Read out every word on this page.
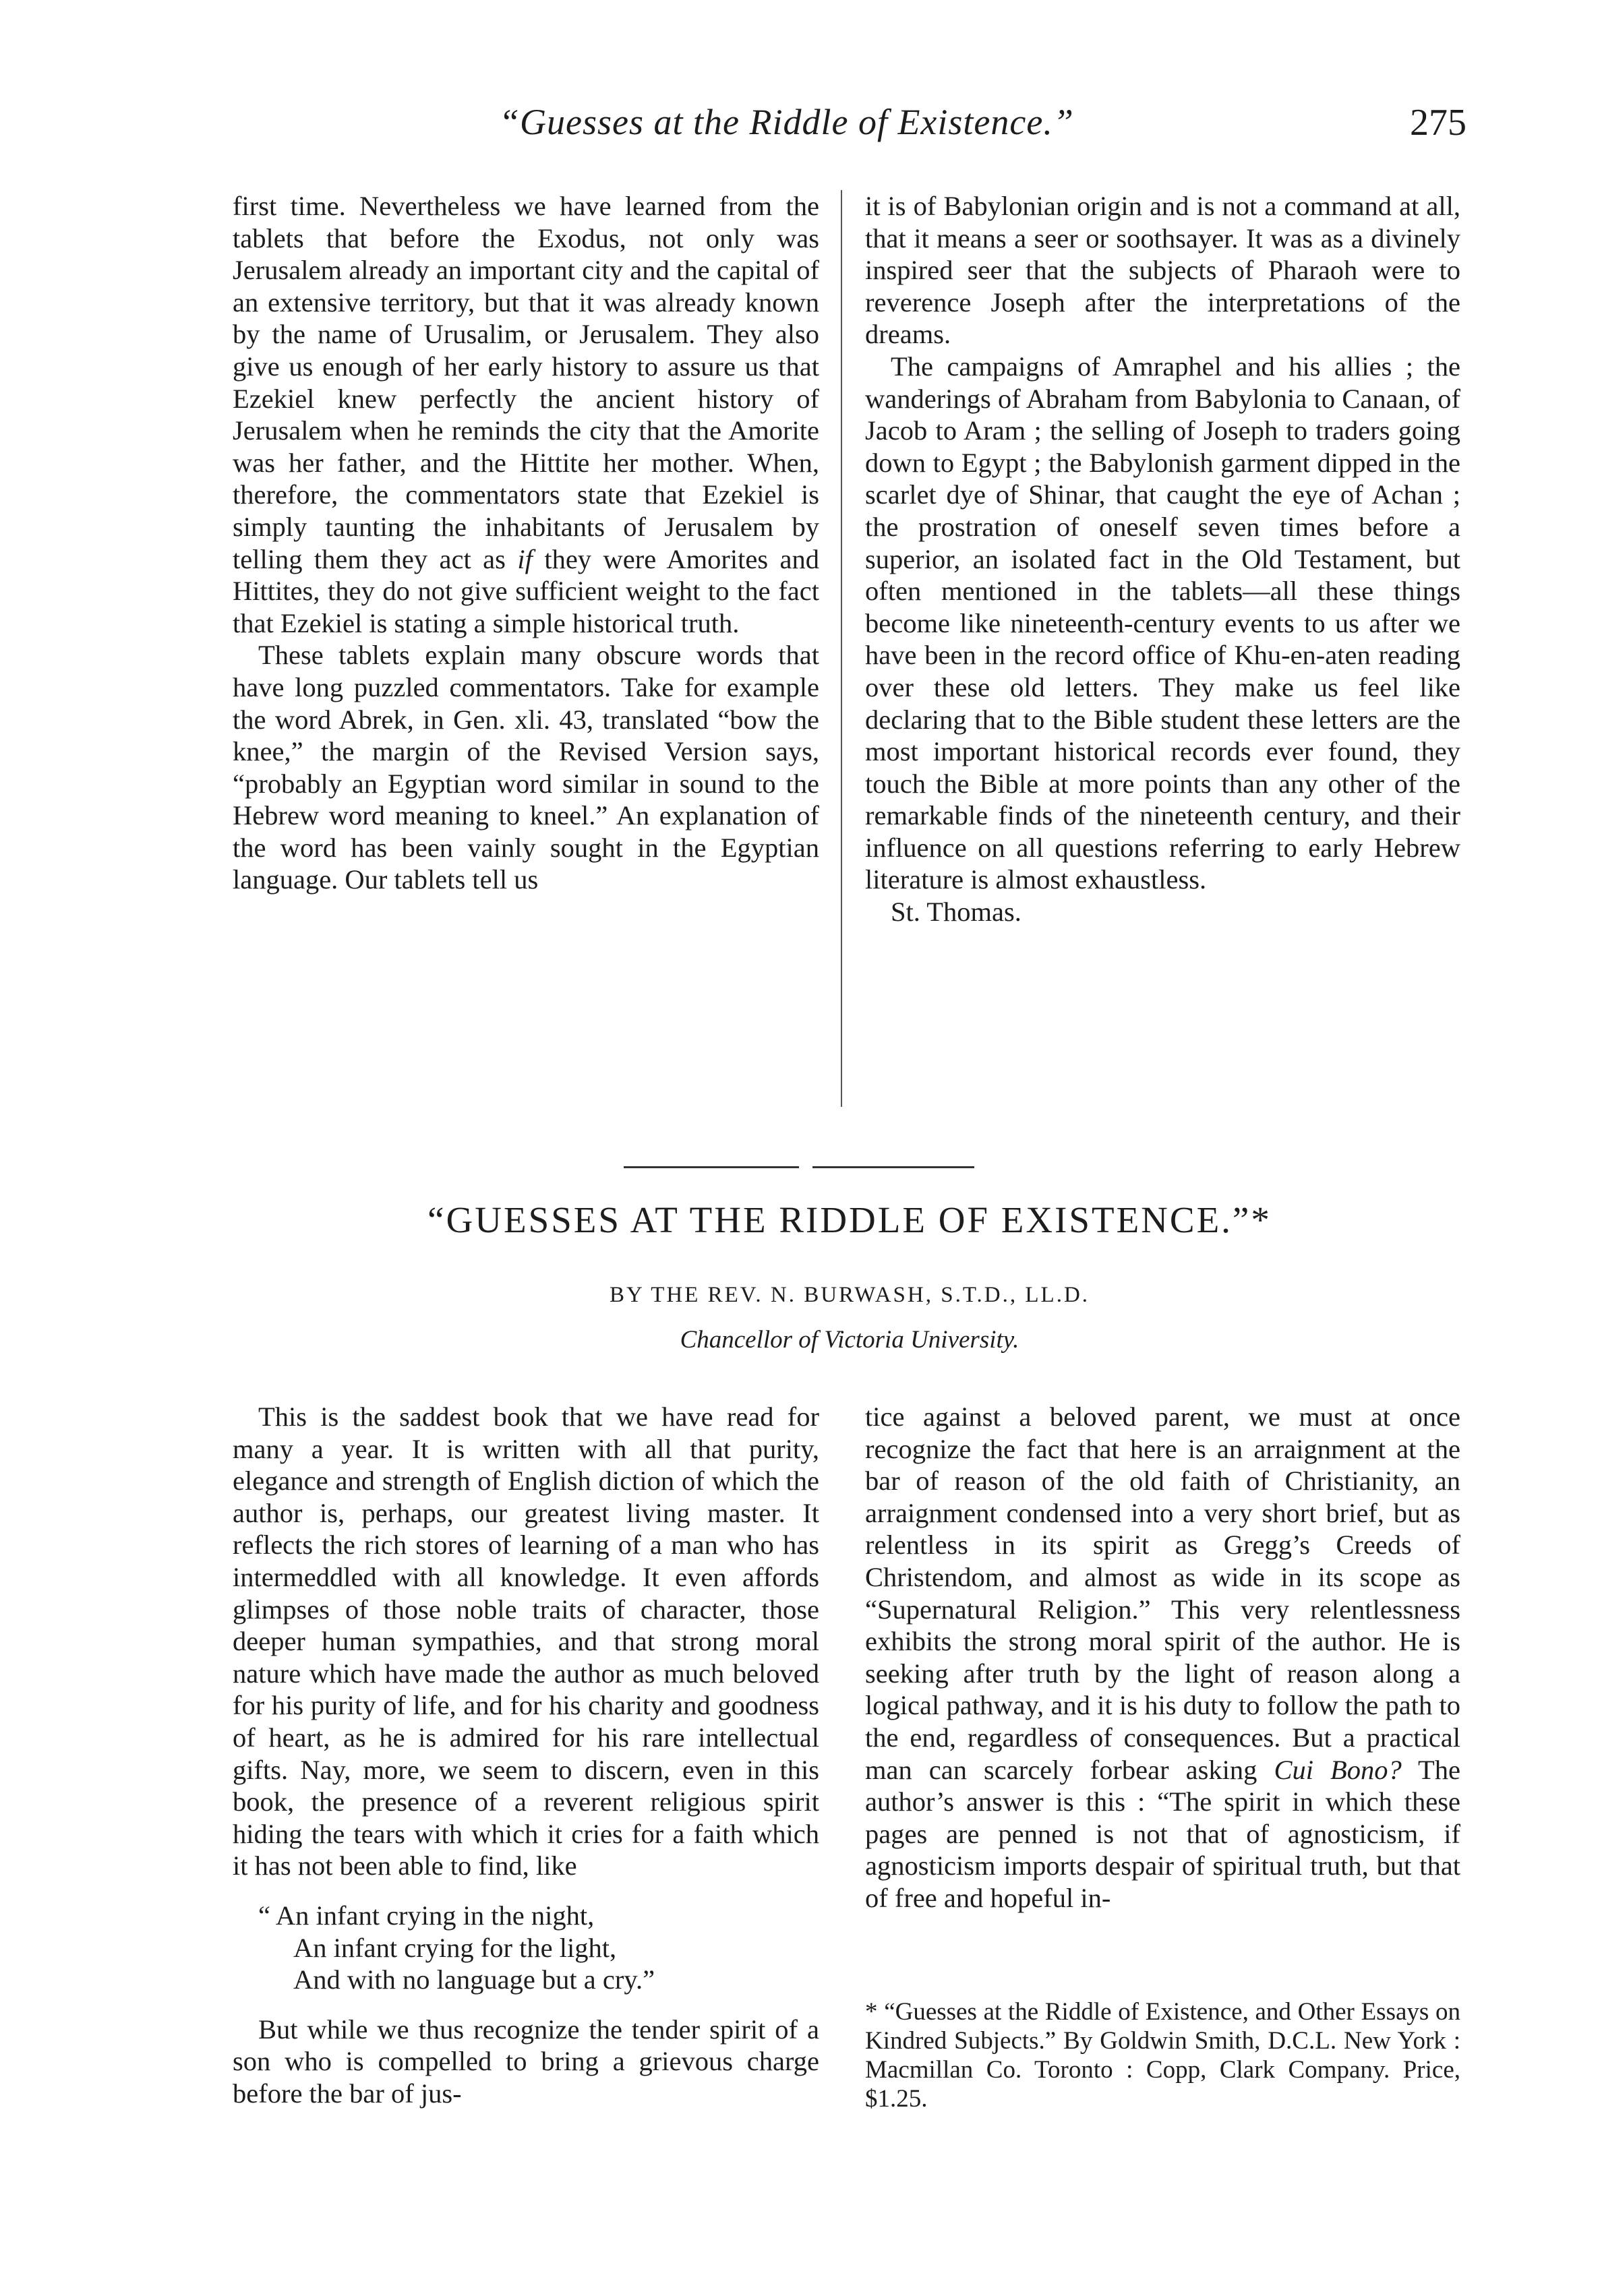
“Guesses at the Riddle of Existence.”	275

first time. Nevertheless we have learned from the tablets that before the Exodus, not only was Jerusalem already an important city and the capital of an extensive territory, but that it was already known by the name of Urusalim, or Jerusalem. They also give us enough of her early history to assure us that Ezekiel knew perfectly the ancient history of Jerusalem when he reminds the city that the Amorite was her father, and the Hittite her mother. When, therefore, the commentators state that Ezekiel is simply taunting the inhabitants of Jerusalem by telling them they act as if they were Amorites and Hittites, they do not give sufficient weight to the fact that Ezekiel is stating a simple historical truth.

These tablets explain many obscure words that have long puzzled commentators. Take for example the word Abrek, in Gen. xli. 43, translated “bow the knee,” the margin of the Revised Version says, “probably an Egyptian word similar in sound to the Hebrew word meaning to kneel.” An explanation of the word has been vainly sought in the Egyptian language. Our tablets tell us

it is of Babylonian origin and is not a command at all, that it means a seer or soothsayer. It was as a divinely inspired seer that the subjects of Pharaoh were to reverence Joseph after the interpretations of the dreams.

The campaigns of Amraphel and his allies ; the wanderings of Abraham from Babylonia to Canaan, of Jacob to Aram ; the selling of Joseph to traders going down to Egypt ; the Babylonish garment dipped in the scarlet dye of Shinar, that caught the eye of Achan ; the prostration of oneself seven times before a superior, an isolated fact in the Old Testament, but often mentioned in the tablets—all these things become like nineteenth-century events to us after we have been in the record office of Khu-en-aten reading over these old letters. They make us feel like declaring that to the Bible student these letters are the most important historical records ever found, they touch the Bible at more points than any other of the remarkable finds of the nineteenth century, and their influence on all questions referring to early Hebrew literature is almost exhaustless.

St. Thomas.

“GUESSES AT THE RIDDLE OF EXISTENCE.”*
BY THE REV. N. BURWASH, S.T.D., LL.D.
Chancellor of Victoria University.

This is the saddest book that we have read for many a year. It is written with all that purity, elegance and strength of English diction of which the author is, perhaps, our greatest living master. It reflects the rich stores of learning of a man who has intermeddled with all knowledge. It even affords glimpses of those noble traits of character, those deeper human sympathies, and that strong moral nature which have made the author as much beloved for his purity of life, and for his charity and goodness of heart, as he is admired for his rare intellectual gifts. Nay, more, we seem to discern, even in this book, the presence of a reverent religious spirit hiding the tears with which it cries for a faith which it has not been able to find, like

“ An infant crying in the night,
An infant crying for the light,
And with no language but a cry.”

But while we thus recognize the tender spirit of a son who is compelled to bring a grievous charge before the bar of jus-

tice against a beloved parent, we must at once recognize the fact that here is an arraignment at the bar of reason of the old faith of Christianity, an arraignment condensed into a very short brief, but as relentless in its spirit as Gregg’s Creeds of Christendom, and almost as wide in its scope as “Supernatural Religion.” This very relentlessness exhibits the strong moral spirit of the author. He is seeking after truth by the light of reason along a logical pathway, and it is his duty to follow the path to the end, regardless of consequences. But a practical man can scarcely forbear asking Cui Bono? The author’s answer is this : “The spirit in which these pages are penned is not that of agnosticism, if agnosticism imports despair of spiritual truth, but that of free and hopeful in-

* “Guesses at the Riddle of Existence, and Other Essays on Kindred Subjects.” By Goldwin Smith, D.C.L. New York : Macmillan Co. Toronto : Copp, Clark Company. Price, $1.25.
